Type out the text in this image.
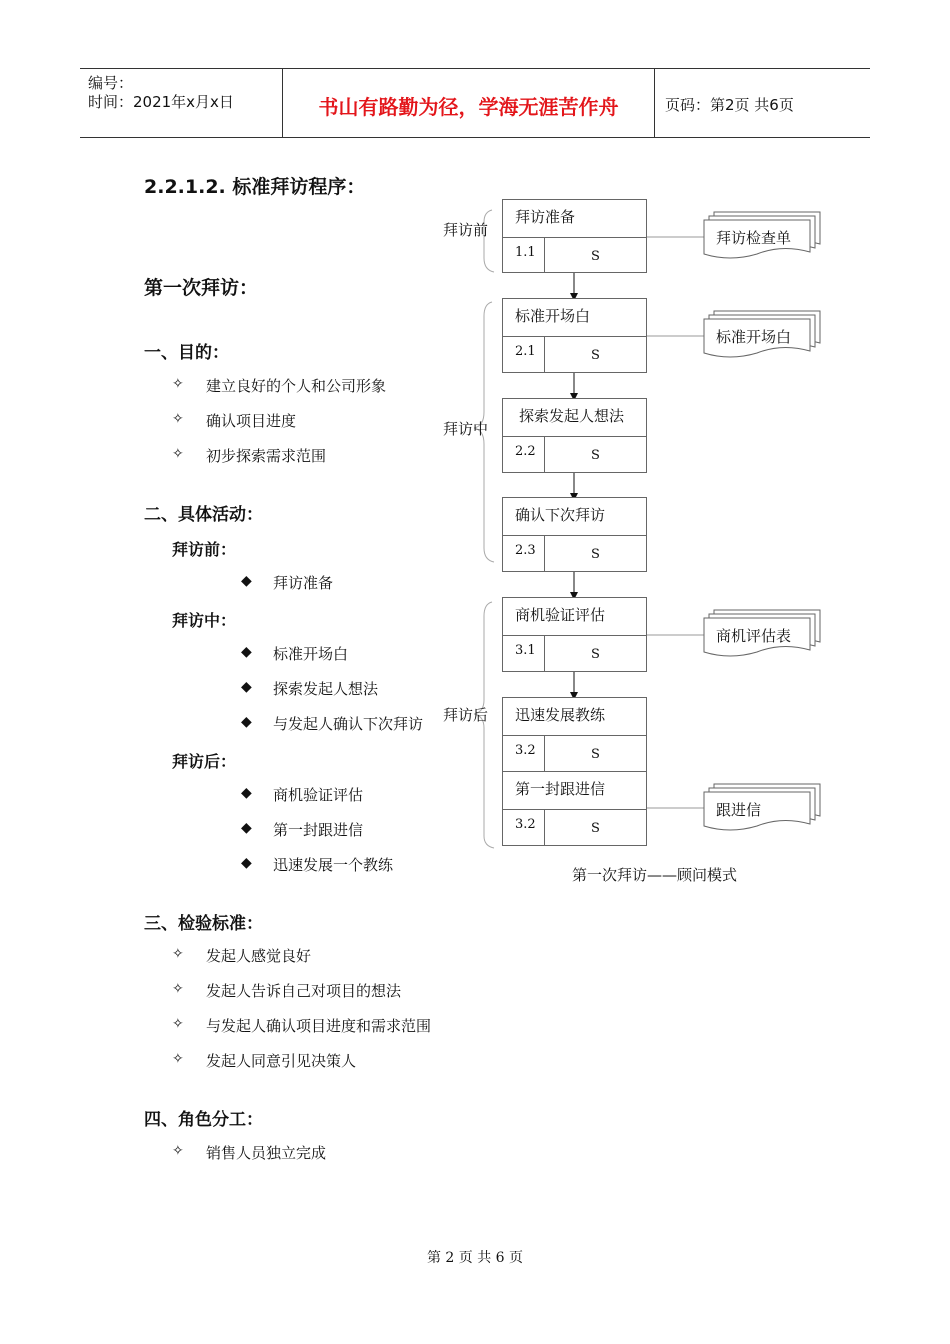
编号：
时间：2021年x月x日	书山有路勤为径，学海无涯苦作舟	页码：第2页 共6页
2.2.1.2. 标准拜访程序：
第一次拜访：
一、目的：
✧ 建立良好的个人和公司形象
✧ 确认项目进度
✧ 初步探索需求范围
二、具体活动：
拜访前：
◆ 拜访准备
拜访中：
◆ 标准开场白
◆ 探索发起人想法
◆ 与发起人确认下次拜访
拜访后：
◆ 商机验证评估
◆ 第一封跟进信
◆ 迅速发展一个教练
三、检验标准：
✧ 发起人感觉良好
✧ 发起人告诉自己对项目的想法
✧ 与发起人确认项目进度和需求范围
✧ 发起人同意引见决策人
四、角色分工：
✧ 销售人员独立完成
拜访前
拜访中
拜访后
拜访准备
1.1	$_S$
标准开场白
2.1	$_S$
探索发起人想法
2.2	$_S$
确认下次拜访
2.3	$_S$
商机验证评估
3.1	$_S$
迅速发展教练
3.2	$_S$
第一封跟进信
3.2	$_S$
拜访检查单
标准开场白
商机评估表
跟进信
第一次拜访——顾问模式
第 2 页 共 6 页
